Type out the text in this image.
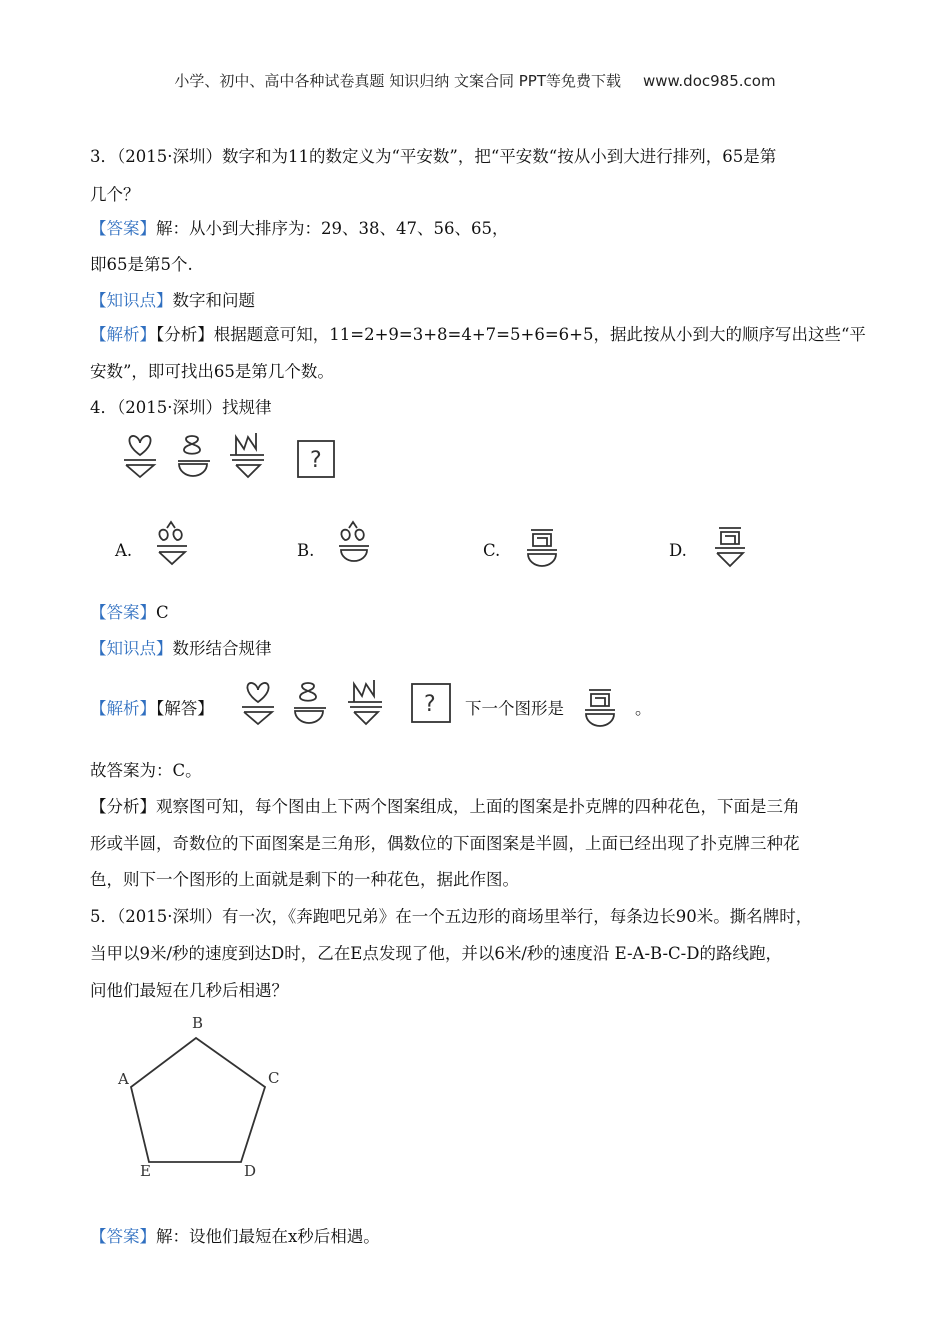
小学、初中、高中各种试卷真题 知识归纳 文案合同 PPT等免费下载 www.doc985.com
3．（2015·深圳）数字和为11的数定义为“平安数”，把“平安数“按从小到大进行排列，65是第
几个？
【答案】解：从小到大排序为：29、38、47、56、65，
即65是第5个.
【知识点】数字和问题
【解析】【分析】根据题意可知，11=2+9=3+8=4+7=5+6=6+5，据此按从小到大的顺序写出这些“平
安数”，即可找出65是第几个数。
4．（2015·深圳）找规律
?
A.	B.	C.	D.
【答案】C
【知识点】数形结合规律
【解析】【解答】	? 下一个图形是	。
故答案为：C。
【分析】观察图可知，每个图由上下两个图案组成，上面的图案是扑克牌的四种花色，下面是三角
形或半圆，奇数位的下面图案是三角形，偶数位的下面图案是半圆，上面已经出现了扑克牌三种花
色，则下一个图形的上面就是剩下的一种花色，据此作图。
5．（2015·深圳）有一次，《奔跑吧兄弟》在一个五边形的商场里举行，每条边长90米。撕名牌时，
当甲以9米/秒的速度到达D时，乙在E点发现了他，并以6米/秒的速度沿 E-A-B-C-D的路线跑，
问他们最短在几秒后相遇？
A
B
C
D
E
【答案】解：设他们最短在x秒后相遇。
